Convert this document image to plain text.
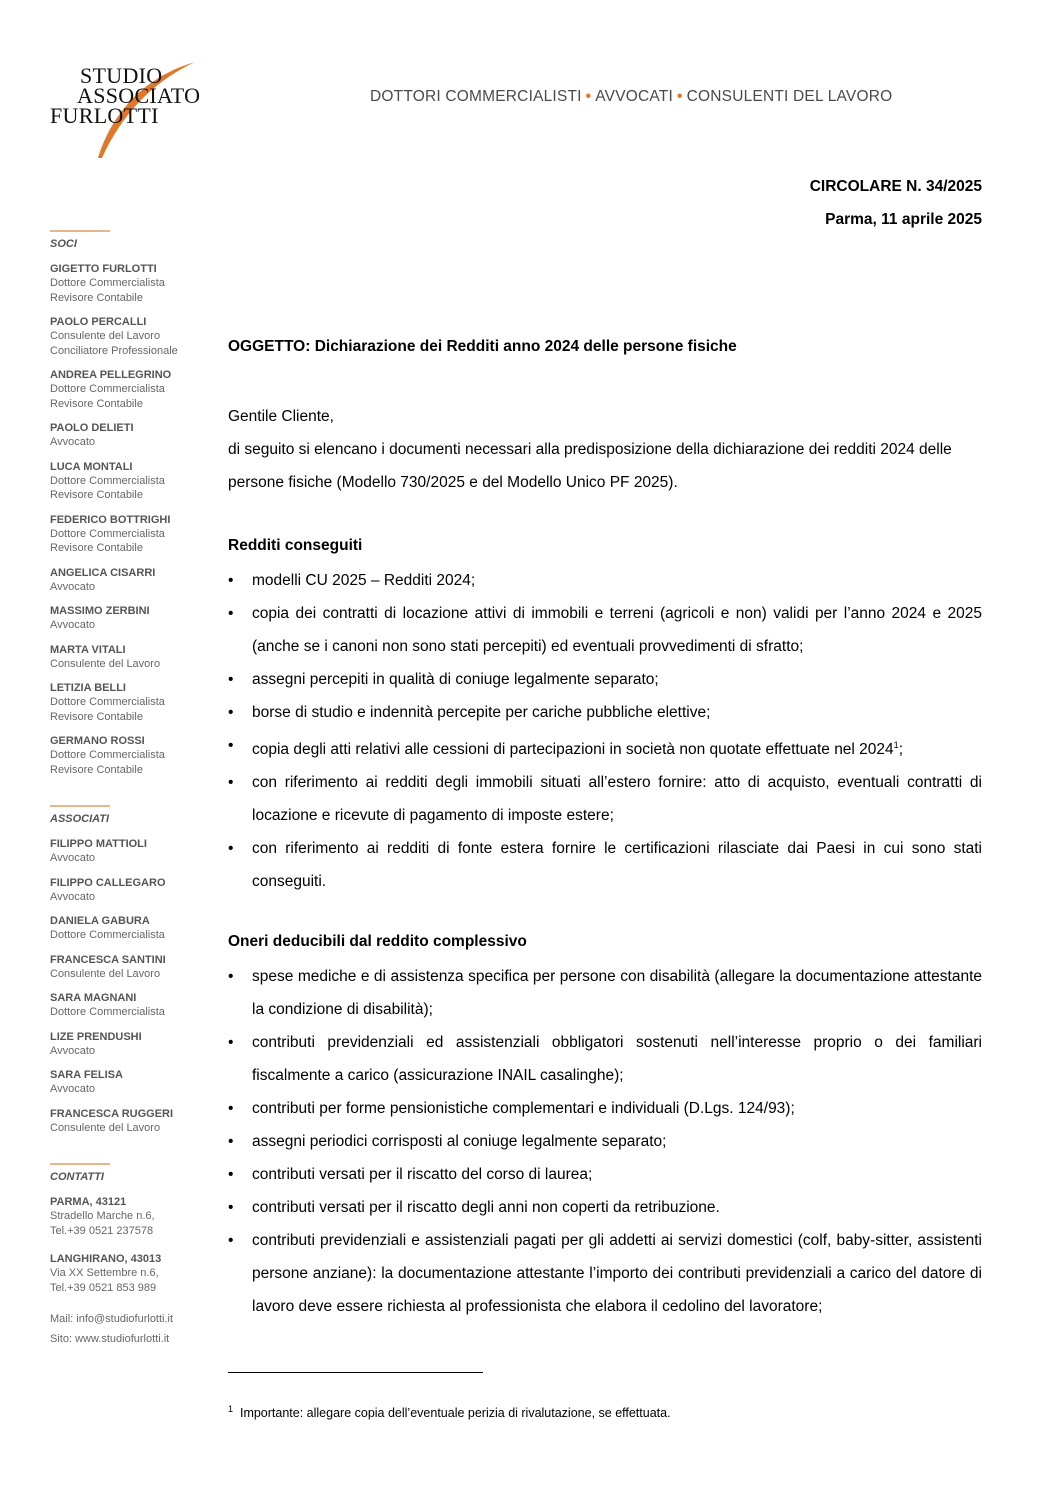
STUDIO
ASSOCIATO
FURLOTTI
DOTTORI COMMERCIALISTI • AVVOCATI • CONSULENTI DEL LAVORO
SOCI
GIGETTO FURLOTTI
Dottore Commercialista
Revisore Contabile
PAOLO PERCALLI
Consulente del Lavoro
Conciliatore Professionale
ANDREA PELLEGRINO
Dottore Commercialista
Revisore Contabile
PAOLO DELIETI
Avvocato
LUCA MONTALI
Dottore Commercialista
Revisore Contabile
FEDERICO BOTTRIGHI
Dottore Commercialista
Revisore Contabile
ANGELICA CISARRI
Avvocato
MASSIMO ZERBINI
Avvocato
MARTA VITALI
Consulente del Lavoro
LETIZIA BELLI
Dottore Commercialista
Revisore Contabile
GERMANO ROSSI
Dottore Commercialista
Revisore Contabile
ASSOCIATI
FILIPPO MATTIOLI
Avvocato
FILIPPO CALLEGARO
Avvocato
DANIELA GABURA
Dottore Commercialista
FRANCESCA SANTINI
Consulente del Lavoro
SARA MAGNANI
Dottore Commercialista
LIZE PRENDUSHI
Avvocato
SARA FELISA
Avvocato
FRANCESCA RUGGERI
Consulente del Lavoro
CONTATTI
PARMA, 43121
Stradello Marche n.6,
Tel.+39 0521 237578
LANGHIRANO, 43013
Via XX Settembre n.6,
Tel.+39 0521 853 989
Mail: info@studiofurlotti.it
Sito: www.studiofurlotti.it
CIRCOLARE N. 34/2025
Parma, 11 aprile 2025
OGGETTO: Dichiarazione dei Redditi anno 2024 delle persone fisiche
Gentile Cliente,
di seguito si elencano i documenti necessari alla predisposizione della dichiarazione dei redditi 2024 delle persone fisiche (Modello 730/2025 e del Modello Unico PF 2025).
Redditi conseguiti
• modelli CU 2025 – Redditi 2024;
• copia dei contratti di locazione attivi di immobili e terreni (agricoli e non) validi per l’anno 2024 e 2025 (anche se i canoni non sono stati percepiti) ed eventuali provvedimenti di sfratto;
• assegni percepiti in qualità di coniuge legalmente separato;
• borse di studio e indennità percepite per cariche pubbliche elettive;
• copia degli atti relativi alle cessioni di partecipazioni in società non quotate effettuate nel 2024$^1$;
• con riferimento ai redditi degli immobili situati all’estero fornire: atto di acquisto, eventuali contratti di locazione e ricevute di pagamento di imposte estere;
• con riferimento ai redditi di fonte estera fornire le certificazioni rilasciate dai Paesi in cui sono stati conseguiti.
Oneri deducibili dal reddito complessivo
• spese mediche e di assistenza specifica per persone con disabilità (allegare la documentazione attestante la condizione di disabilità);
• contributi previdenziali ed assistenziali obbligatori sostenuti nell’interesse proprio o dei familiari fiscalmente a carico (assicurazione INAIL casalinghe);
• contributi per forme pensionistiche complementari e individuali (D.Lgs. 124/93);
• assegni periodici corrisposti al coniuge legalmente separato;
• contributi versati per il riscatto del corso di laurea;
• contributi versati per il riscatto degli anni non coperti da retribuzione.
• contributi previdenziali e assistenziali pagati per gli addetti ai servizi domestici (colf, baby-sitter, assistenti persone anziane): la documentazione attestante l’importo dei contributi previdenziali a carico del datore di lavoro deve essere richiesta al professionista che elabora il cedolino del lavoratore;
$^1$ Importante: allegare copia dell’eventuale perizia di rivalutazione, se effettuata.
